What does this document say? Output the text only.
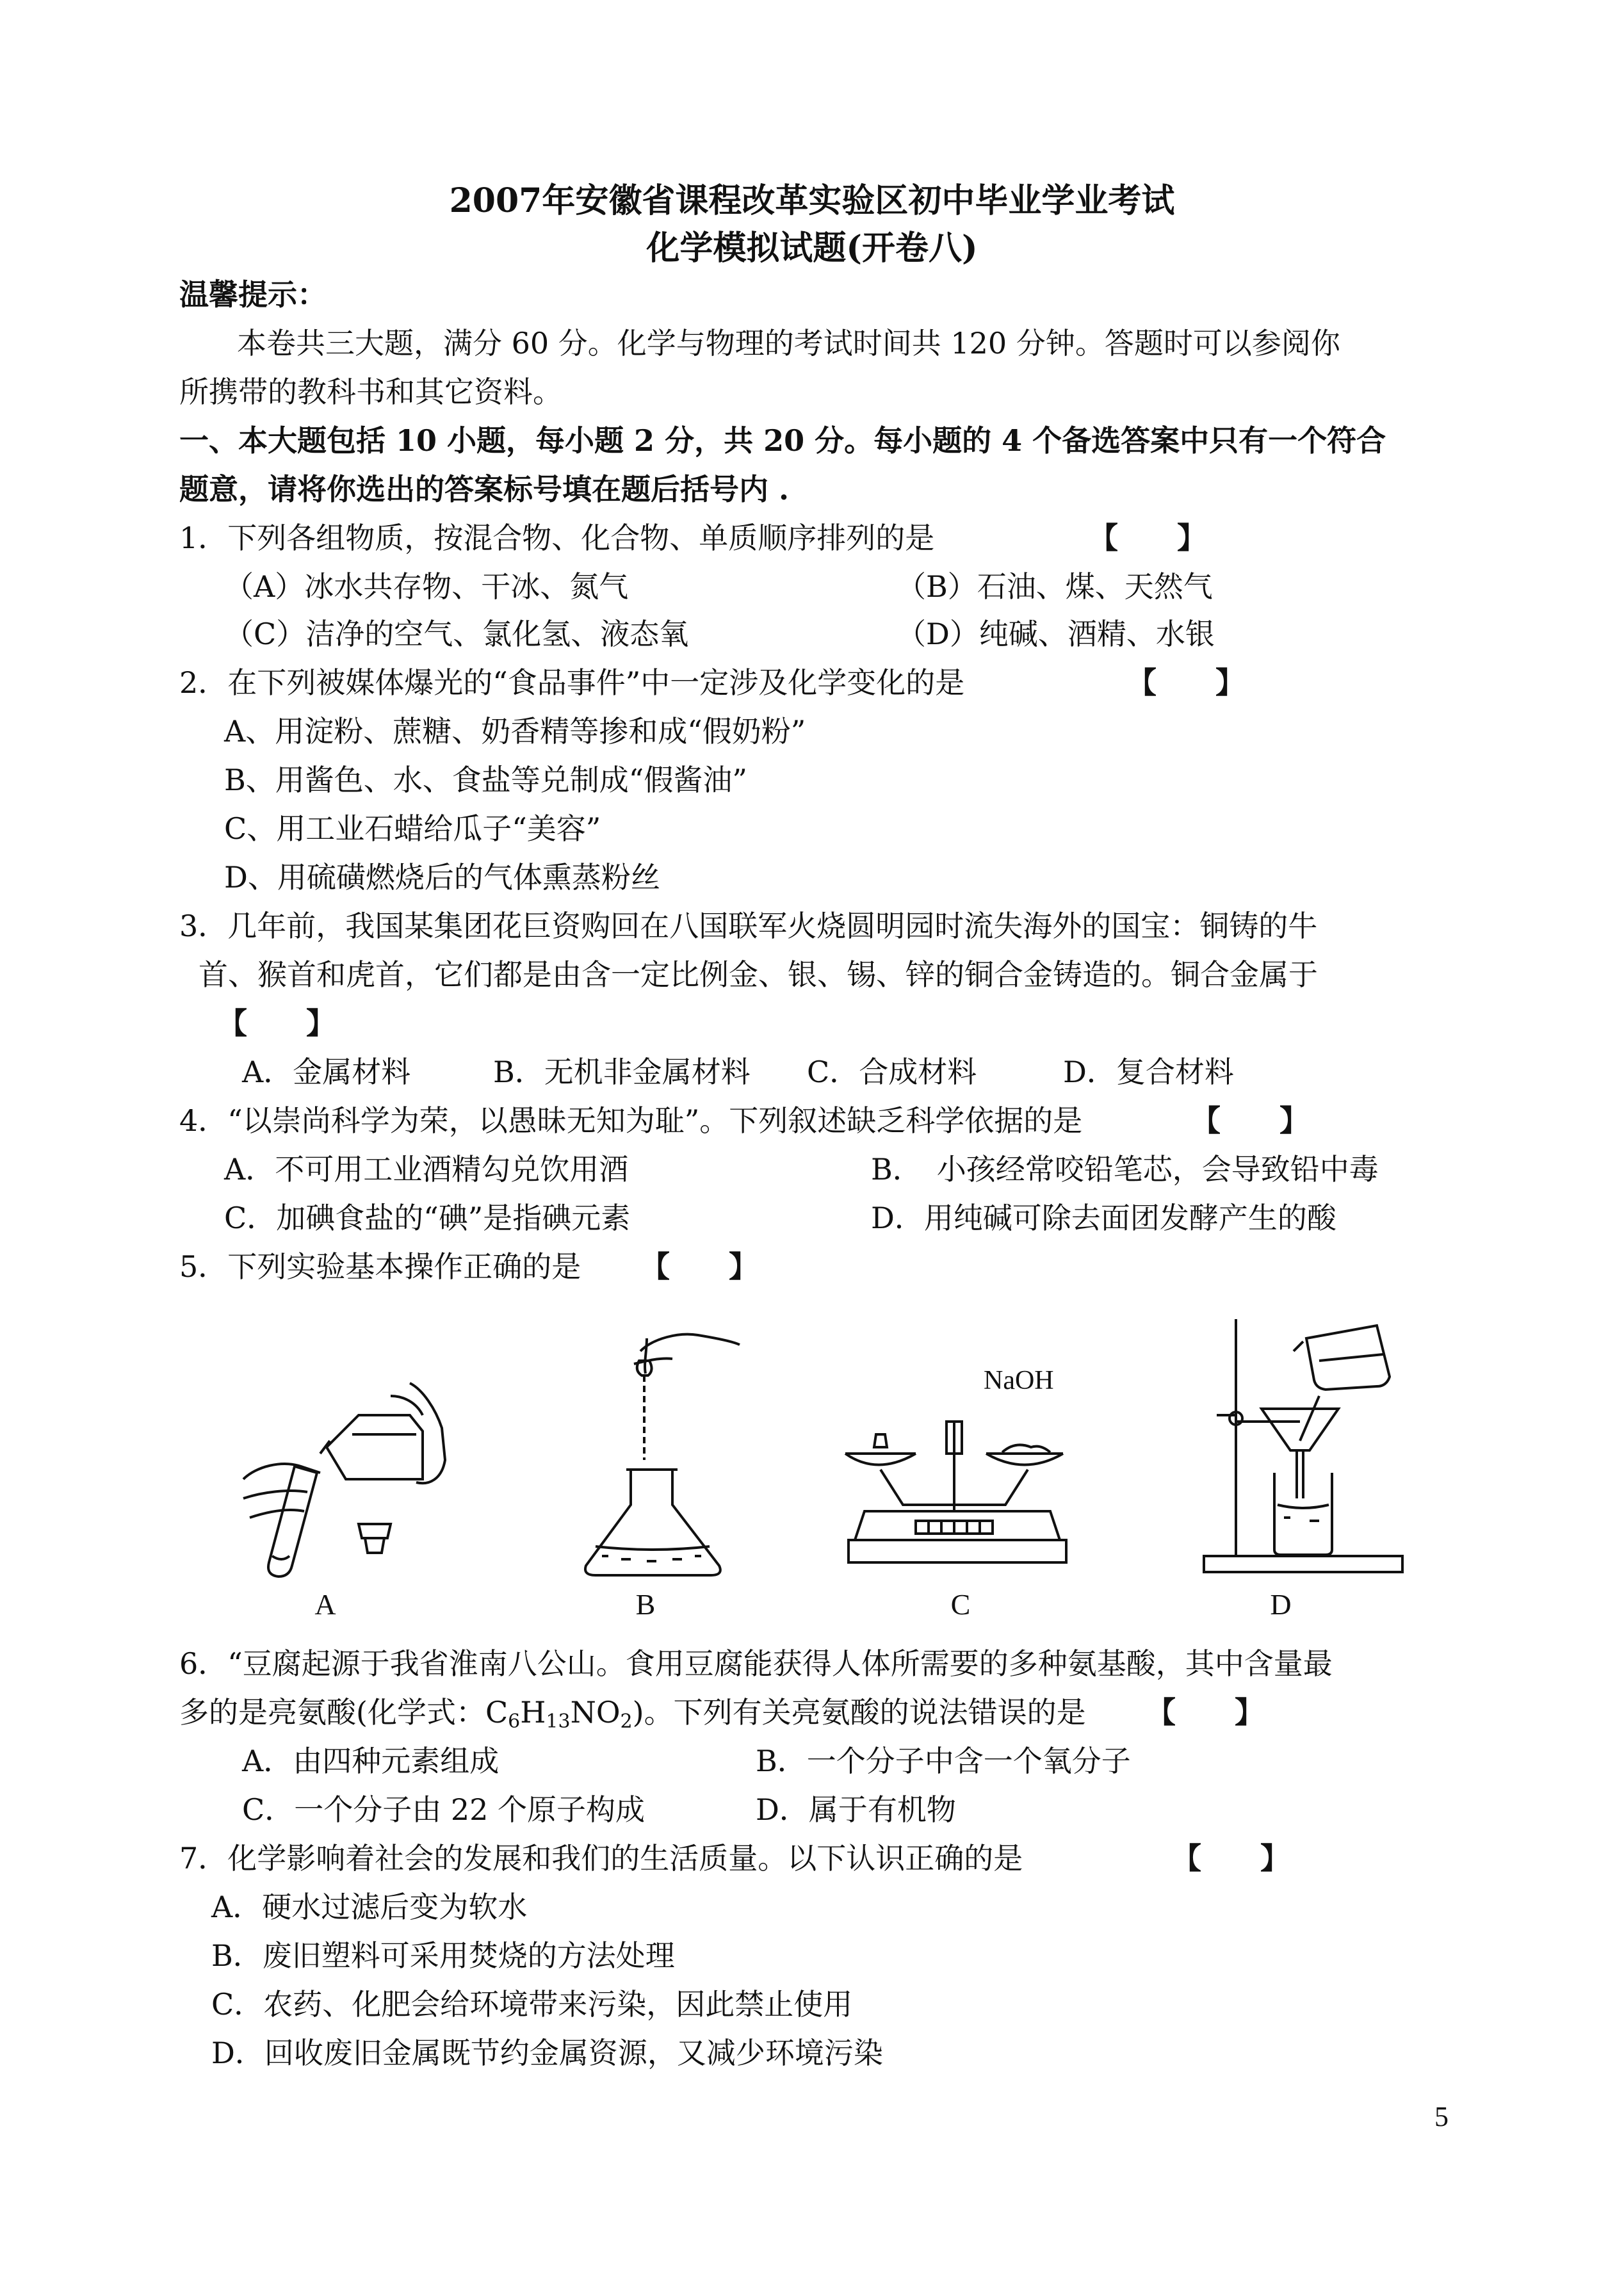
2007年安徽省课程改革实验区初中毕业学业考试
化学模拟试题(开卷八)
温馨提示：
本卷共三大题，满分 60 分。化学与物理的考试时间共 120 分钟。答题时可以参阅你
所携带的教科书和其它资料。
一、本大题包括 10 小题，每小题 2 分，共 20 分。每小题的 4 个备选答案中只有一个符合
题意，请将你选出的答案标号填在题后括号内 .
1．下列各组物质，按混合物、化合物、单质顺序排列的是	【　　】
（A）冰水共存物、干冰、氮气	（B）石油、煤、天然气
（C）洁净的空气、氯化氢、液态氧	（D）纯碱、酒精、水银
2．在下列被媒体爆光的“食品事件”中一定涉及化学变化的是	【　　】
A、用淀粉、蔗糖、奶香精等掺和成“假奶粉”
B、用酱色、水、食盐等兑制成“假酱油”
C、用工业石蜡给瓜子“美容”
D、用硫磺燃烧后的气体熏蒸粉丝
3．几年前，我国某集团花巨资购回在八国联军火烧圆明园时流失海外的国宝：铜铸的牛
首、猴首和虎首，它们都是由含一定比例金、银、锡、锌的铜合金铸造的。铜合金属于
【　　】
A．金属材料	B．无机非金属材料 C．合成材料	D．复合材料
4．“以崇尚科学为荣，以愚昧无知为耻”。下列叙述缺乏科学依据的是	【　　】
A．不可用工业酒精勾兑饮用酒	B．　小孩经常咬铅笔芯，会导致铅中毒
C．加碘食盐的“碘”是指碘元素	D．用纯碱可除去面团发酵产生的酸
5．下列实验基本操作正确的是 【　　】
A	B
NaOH
C	D
6．“豆腐起源于我省淮南八公山。食用豆腐能获得人体所需要的多种氨基酸，其中含量最
多的是亮氨酸(化学式：$C_6H_{13}NO_2$)。下列有关亮氨酸的说法错误的是 【　　】
A．由四种元素组成	B．一个分子中含一个氧分子
C．一个分子由 22 个原子构成	D．属于有机物
7．化学影响着社会的发展和我们的生活质量。以下认识正确的是	【　　】
A．硬水过滤后变为软水
B．废旧塑料可采用焚烧的方法处理
C．农药、化肥会给环境带来污染，因此禁止使用
D．回收废旧金属既节约金属资源，又减少环境污染
5
